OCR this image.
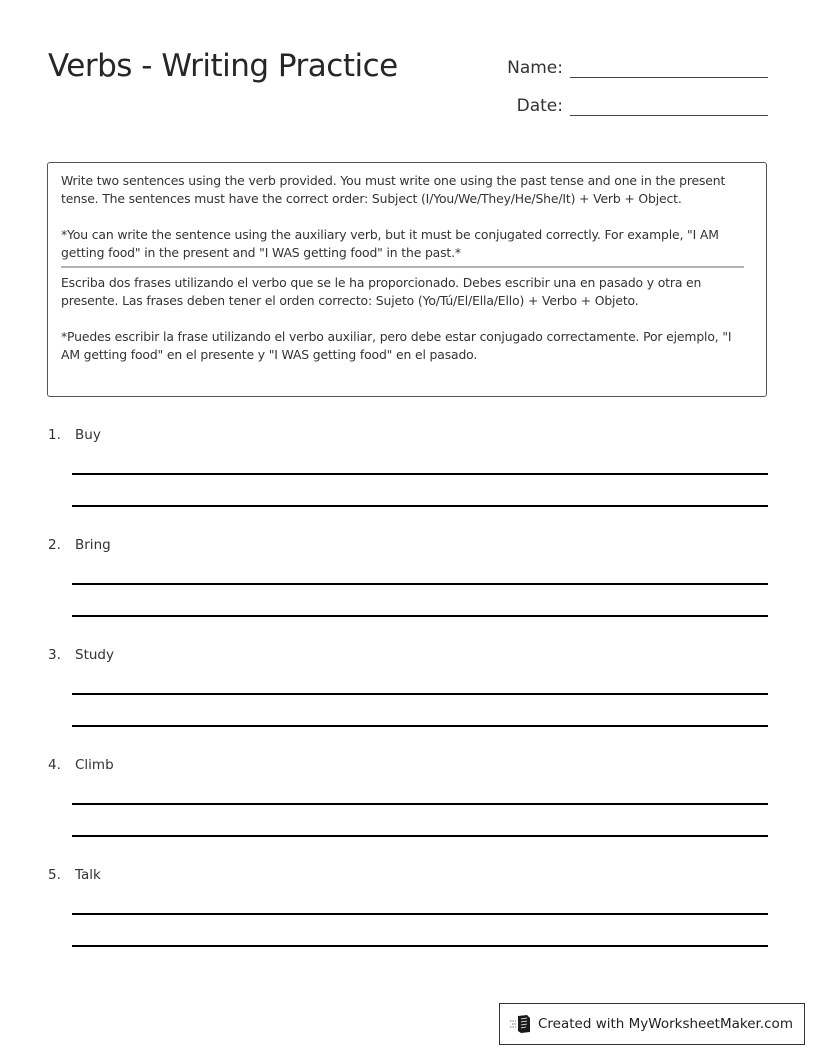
Verbs - Writing Practice	Name:
Date:

Write two sentences using the verb provided. You must write one using the past tense and one in the present tense. The sentences must have the correct order: Subject (I/You/We/They/He/She/It) + Verb + Object.

*You can write the sentence using the auxiliary verb, but it must be conjugated correctly. For example, "I AM getting food" in the present and "I WAS getting food" in the past.*

Escriba dos frases utilizando el verbo que se le ha proporcionado. Debes escribir una en pasado y otra en presente. Las frases deben tener el orden correcto: Sujeto (Yo/Tú/El/Ella/Ello) + Verbo + Objeto.

*Puedes escribir la frase utilizando el verbo auxiliar, pero debe estar conjugado correctamente. Por ejemplo, "I AM getting food" en el presente y "I WAS getting food" en el pasado.

1.	Buy
2.	Bring
3.	Study
4.	Climb
5.	Talk
Created with MyWorksheetMaker.com
